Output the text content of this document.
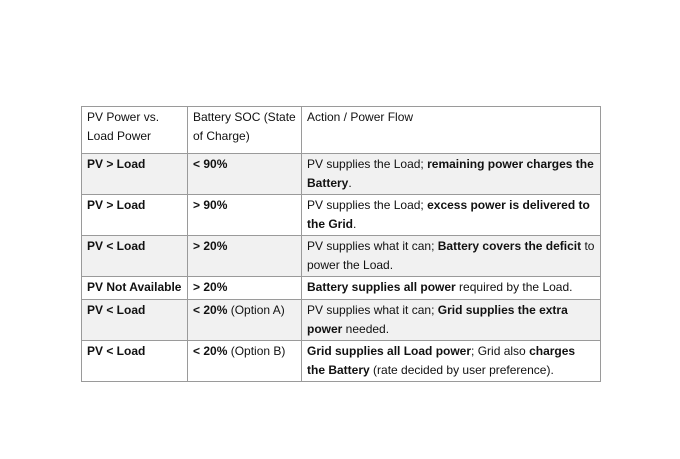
PV Power vs. Load Power	Battery SOC (State of Charge)	Action / Power Flow
PV > Load	< 90%	PV supplies the Load; remaining power charges the Battery.
PV > Load	> 90%	PV supplies the Load; excess power is delivered to the Grid.
PV < Load	> 20%	PV supplies what it can; Battery covers the deficit to power the Load.
PV Not Available	> 20%	Battery supplies all power required by the Load.
PV < Load	< 20% (Option A)	PV supplies what it can; Grid supplies the extra power needed.
PV < Load	< 20% (Option B)	Grid supplies all Load power; Grid also charges the Battery (rate decided by user preference).
